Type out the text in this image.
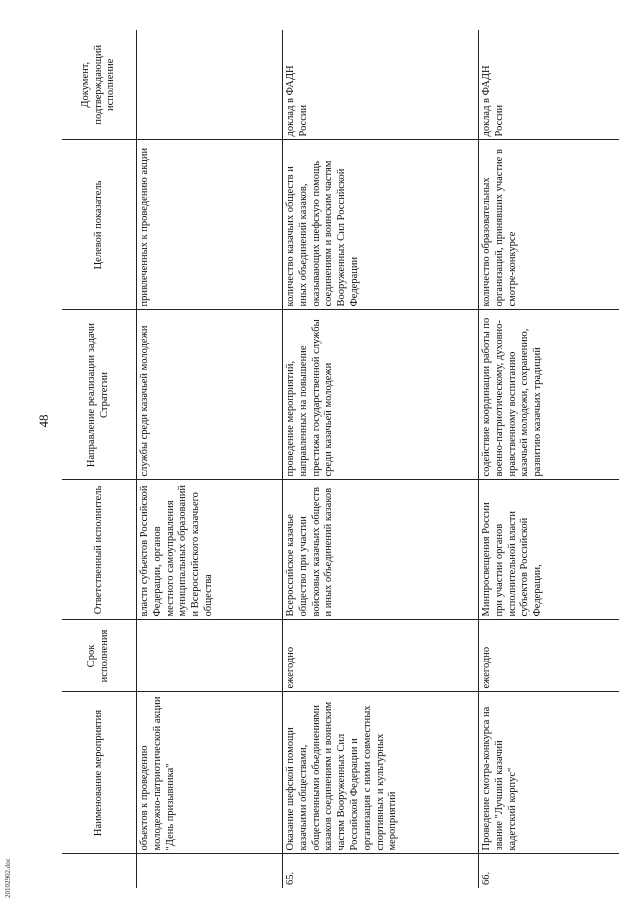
48
20102902.doc
	Наименование мероприятия	Срок исполнения	Ответственный исполнитель	Направление реализации задачи Стратегии	Целевой показатель	Документ, подтверждающий исполнение
	объектов к проведению молодежно-патриотической акции "День призывника"		власти субъектов Российской Федерации, органов местного самоуправления муниципальных образований и Всероссийского казачьего общества	службы среди казачьей молодежи	привлеченных к проведению акции	
65.	Оказание шефской помощи казачьими обществами, общественными объединениями казаков соединениям и воинским частям Вооруженных Сил Российской Федерации и организация с ними совместных спортивных и культурных мероприятий	ежегодно	Всероссийское казачье общество при участии войсковых казачьих обществ и иных объединений казаков	проведение мероприятий, направленных на повышение престижа государственной службы среди казачьей молодежи	количество казачьих обществ и иных объединений казаков, оказывающих шефскую помощь соединениям и воинским частям Вооруженных Сил Российской Федерации	доклад в ФАДН России
66.	Проведение смотра-конкурса на звание "Лучший казачий кадетский корпус"	ежегодно	Минпросвещения России при участии органов исполнительной власти субъектов Российской Федерации,	содействие координации работы по военно-патриотическому, духовно-нравственному воспитанию казачьей молодежи, сохранению, развитию казачьих традиций	количество образовательных организаций, принявших участие в смотре-конкурсе	доклад в ФАДН России
